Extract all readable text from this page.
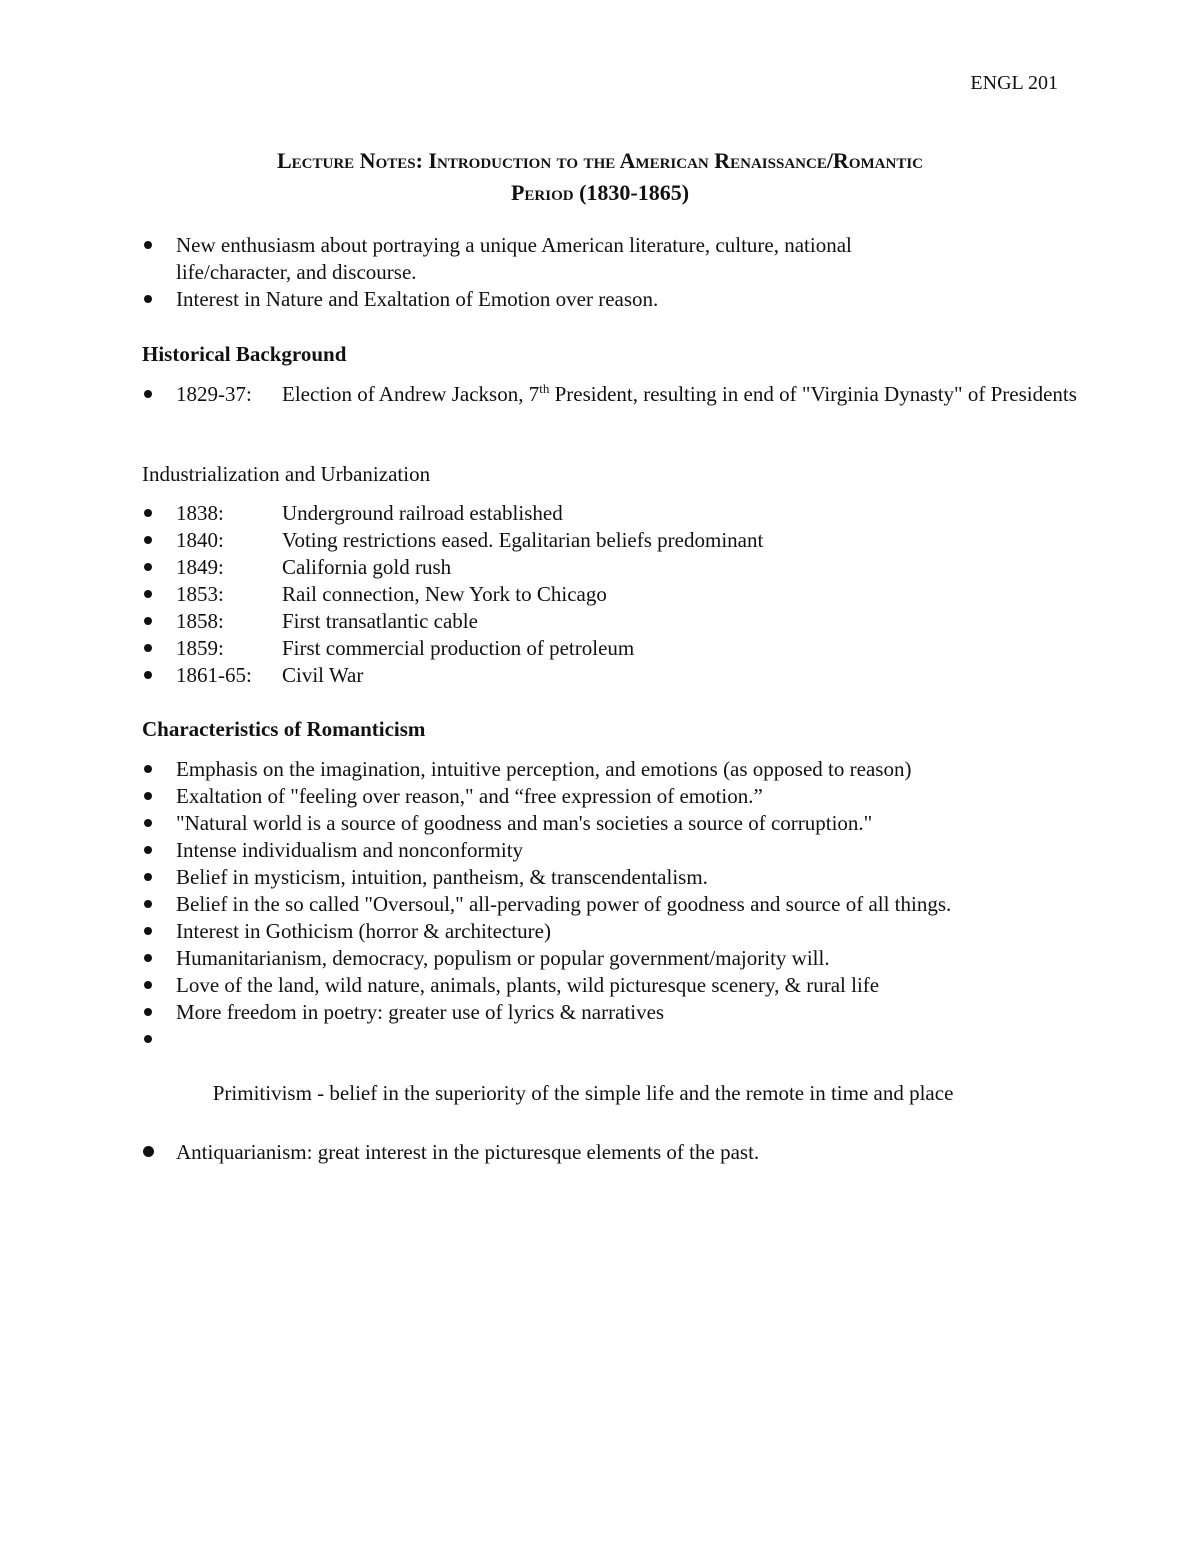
ENGL 201
Lecture Notes: Introduction to the American Renaissance/Romantic
Period (1830-1865)
New enthusiasm about portraying a unique American literature, culture, national life/character, and discourse.
Interest in Nature and Exaltation of Emotion over reason.
Historical Background
1829-37: Election of Andrew Jackson, 7th President, resulting in end of "Virginia Dynasty" of Presidents
Industrialization and Urbanization
1838:	Underground railroad established
1840:	Voting restrictions eased. Egalitarian beliefs predominant
1849:	California gold rush
1853:	Rail connection, New York to Chicago
1858:	First transatlantic cable
1859:	First commercial production of petroleum
1861-65: Civil War
Characteristics of Romanticism
Emphasis on the imagination, intuitive perception, and emotions (as opposed to reason)
Exaltation of "feeling over reason," and “free expression of emotion.”
"Natural world is a source of goodness and man's societies a source of corruption."
Intense individualism and nonconformity
Belief in mysticism, intuition, pantheism, & transcendentalism.
Belief in the so called "Oversoul," all-pervading power of goodness and source of all things.
Interest in Gothicism (horror & architecture)
Humanitarianism, democracy, populism or popular government/majority will.
Love of the land, wild nature, animals, plants, wild picturesque scenery, & rural life
More freedom in poetry: greater use of lyrics & narratives

Primitivism - belief in the superiority of the simple life and the remote in time and place

Antiquarianism: great interest in the picturesque elements of the past.
